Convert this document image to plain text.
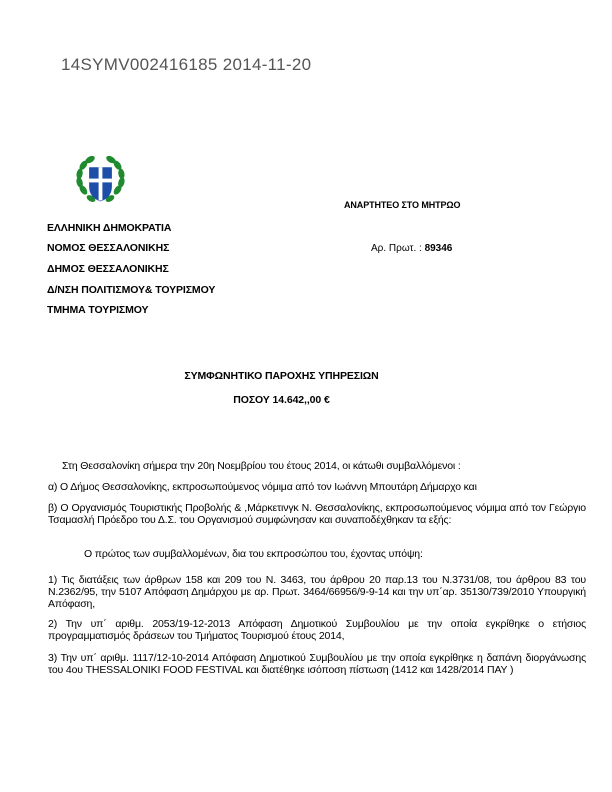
14SYMV002416185 2014-11-20
ΕΛΛΗΝΙΚΗ ΔΗΜΟΚΡΑΤΙΑ
ΝΟΜΟΣ ΘΕΣΣΑΛΟΝΙΚΗΣ
ΔΗΜΟΣ ΘΕΣΣΑΛΟΝΙΚΗΣ
Δ/ΝΣΗ ΠΟΛΙΤΙΣΜΟΥ& ΤΟΥΡΙΣΜΟΥ
ΤΜΗΜΑ ΤΟΥΡΙΣΜΟΥ
ΑΝΑΡΤΗΤΕΟ ΣΤΟ ΜΗΤΡΩΟ
Αρ. Πρωτ. : 89346
ΣΥΜΦΩΝΗΤΙΚΟ ΠΑΡΟΧΗΣ ΥΠΗΡΕΣΙΩΝ
ΠΟΣΟΥ 14.642,,00 €
Στη Θεσσαλονίκη σήμερα την 20η Νοεμβρίου του έτους 2014, οι κάτωθι συμβαλλόμενοι :
α) Ο Δήμος Θεσσαλονίκης, εκπροσωπούμενος νόμιμα από τον Ιωάννη Μπουτάρη Δήμαρχο και
β) Ο Οργανισμός Τουριστικής Προβολής & ,Μάρκετινγκ Ν. Θεσσαλονίκης, εκπροσωπούμενος νόμιμα από τον Γεώργιο Τσαμασλή Πρόεδρο του Δ.Σ. του Οργανισμού συμφώνησαν και συναποδέχθηκαν τα εξής:
Ο πρώτος των συμβαλλομένων, δια του εκπροσώπου του, έχοντας υπόψη:
1) Τις διατάξεις των άρθρων 158 και 209 του Ν. 3463, του άρθρου 20 παρ.13 του Ν.3731/08, του άρθρου 83 του Ν.2362/95, την 5107 Απόφαση Δημάρχου με αρ. Πρωτ. 3464/66956/9-9-14 και την υπ΄αρ. 35130/739/2010 Υπουργική Απόφαση,
2) Την υπ΄ αριθμ. 2053/19-12-2013 Απόφαση Δημοτικού Συμβουλίου με την οποία εγκρίθηκε ο ετήσιος προγραμματισμός δράσεων του Τμήματος Τουρισμού έτους 2014,
3) Την υπ΄ αριθμ. 1117/12-10-2014 Απόφαση Δημοτικού Συμβουλίου με την οποία εγκρίθηκε η δαπάνη διοργάνωσης του 4ου THESSALONIKI FOOD FESTIVAL και διατέθηκε ισόποση πίστωση (1412 και 1428/2014 ΠΑΥ )
